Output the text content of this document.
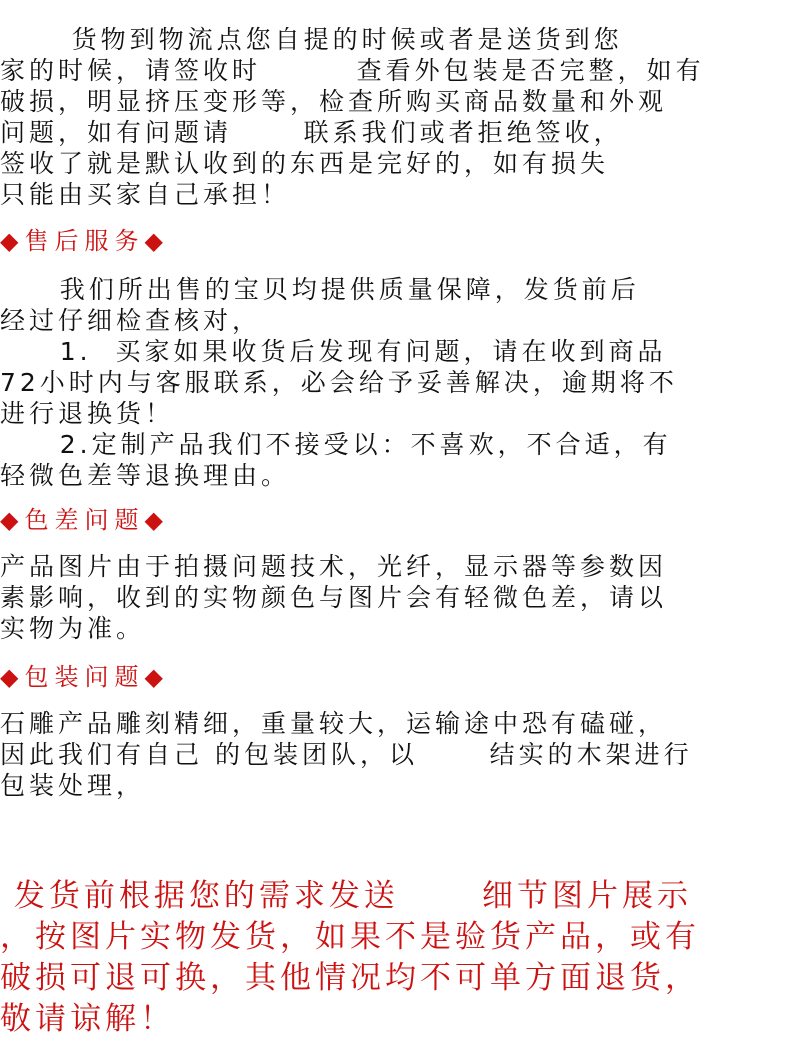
货物到物流点您自提的时候或者是送货到您
家的时候，请签收时        查看外包装是否完整，如有
破损，明显挤压变形等，检查所购买商品数量和外观
问题，如有问题请      联系我们或者拒绝签收，
签收了就是默认收到的东西是完好的，如有损失
只能由买家自己承担！
◆售后服务◆
我们所出售的宝贝均提供质量保障，发货前后
经过仔细检查核对，
1.  买家如果收货后发现有问题，请在收到商品
72小时内与客服联系，必会给予妥善解决，逾期将不
进行退换货！
2.定制产品我们不接受以：不喜欢，不合适，有
轻微色差等退换理由。
◆色差问题◆
产品图片由于拍摄问题技术，光纤，显示器等参数因
素影响，收到的实物颜色与图片会有轻微色差，请以
实物为准。
◆包装问题◆
石雕产品雕刻精细，重量较大，运输途中恐有磕碰，
因此我们有自己 的包装团队，以      结实的木架进行
包装处理，
发货前根据您的需求发送      细节图片展示
，按图片实物发货，如果不是验货产品，或有
破损可退可换，其他情况均不可单方面退货，
敬请谅解！
